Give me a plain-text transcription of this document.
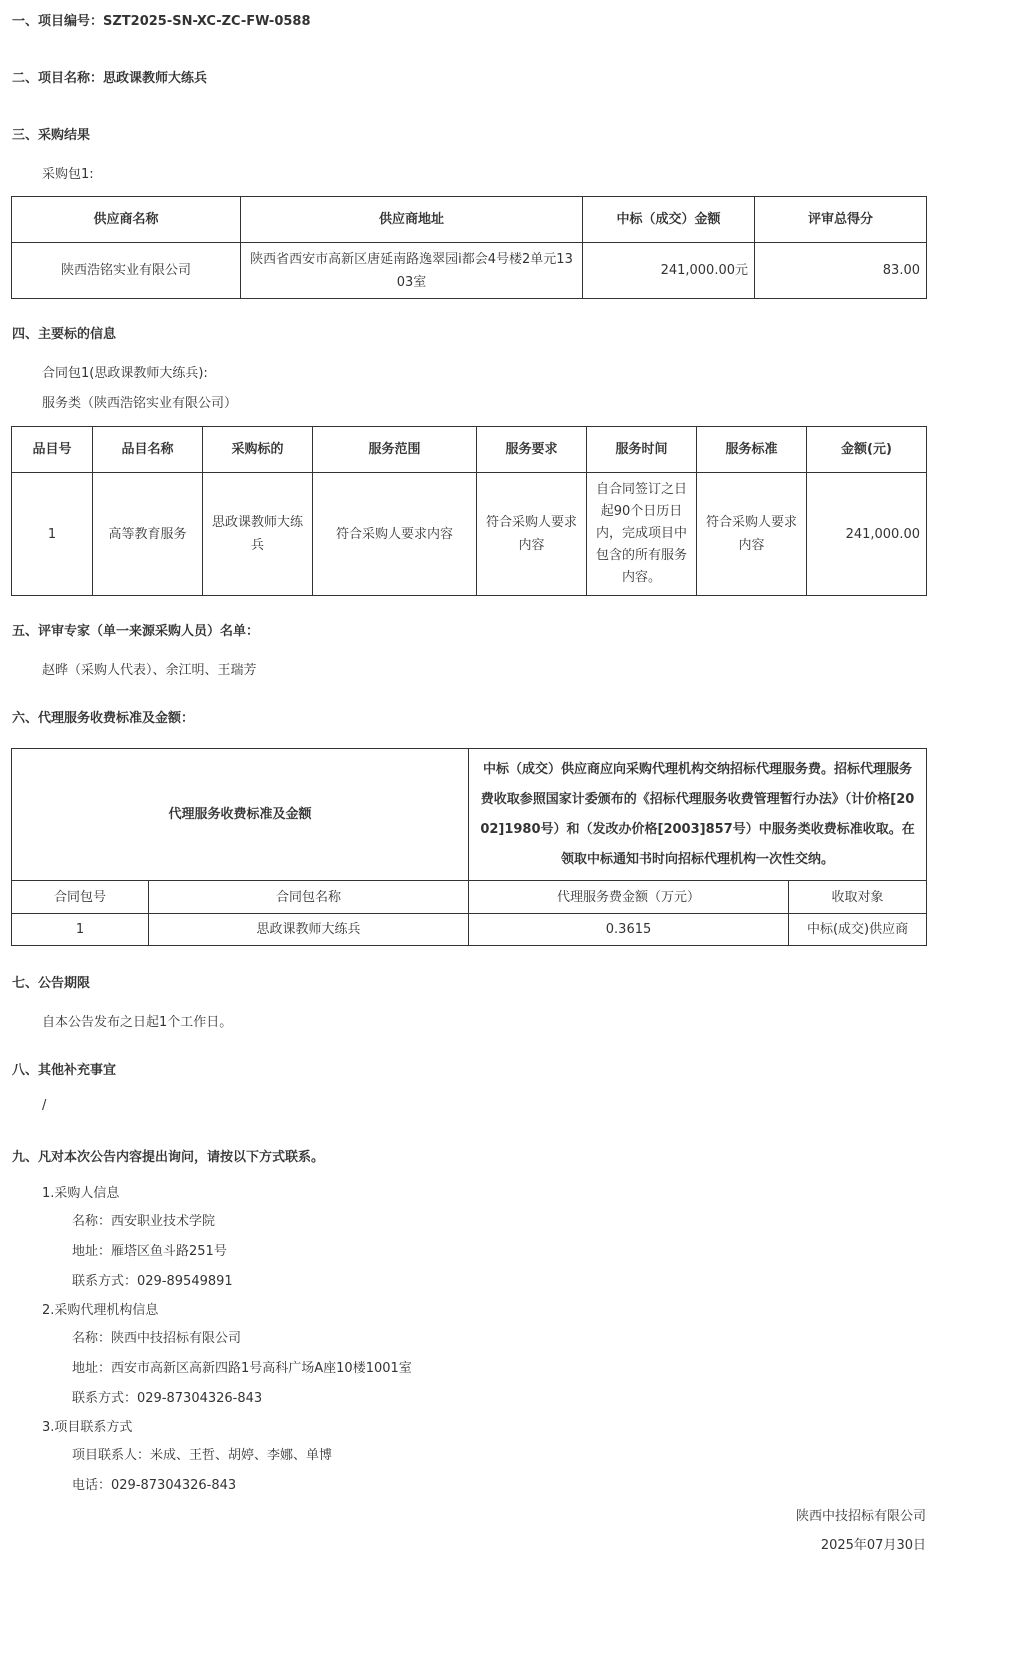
一、项目编号：SZT2025-SN-XC-ZC-FW-0588
二、项目名称：思政课教师大练兵
三、采购结果
采购包1:
供应商名称	供应商地址	中标（成交）金额	评审总得分
陕西浩铭实业有限公司	陕西省西安市高新区唐延南路逸翠园i都会4号楼2单元1303室	241,000.00元	83.00
四、主要标的信息
合同包1(思政课教师大练兵):
服务类（陕西浩铭实业有限公司）
品目号	品目名称	采购标的	服务范围	服务要求	服务时间	服务标准	金额(元)
1	高等教育服务	思政课教师大练兵	符合采购人要求内容	符合采购人要求内容	自合同签订之日起90个日历日内，完成项目中包含的所有服务内容。	符合采购人要求内容	241,000.00
五、评审专家（单一来源采购人员）名单：
赵晔（采购人代表）、余江明、王瑞芳
六、代理服务收费标准及金额：
代理服务收费标准及金额		中标（成交）供应商应向采购代理机构交纳招标代理服务费。招标代理服务费收取参照国家计委颁布的《招标代理服务收费管理暂行办法》（计价格[2002]1980号）和（发改办价格[2003]857号）中服务类收费标准收取。在领取中标通知书时向招标代理机构一次性交纳。	
合同包号	合同包名称	代理服务费金额（万元）	收取对象
1	思政课教师大练兵	0.3615	中标(成交)供应商
七、公告期限
自本公告发布之日起1个工作日。
八、其他补充事宜
/
九、凡对本次公告内容提出询问，请按以下方式联系。
1.采购人信息
名称：西安职业技术学院
地址：雁塔区鱼斗路251号
联系方式：029-89549891
2.采购代理机构信息
名称：陕西中技招标有限公司
地址：西安市高新区高新四路1号高科广场A座10楼1001室
联系方式：029-87304326-843
3.项目联系方式
项目联系人：米成、王哲、胡婷、李娜、单博
电话：029-87304326-843
陕西中技招标有限公司
2025年07月30日
